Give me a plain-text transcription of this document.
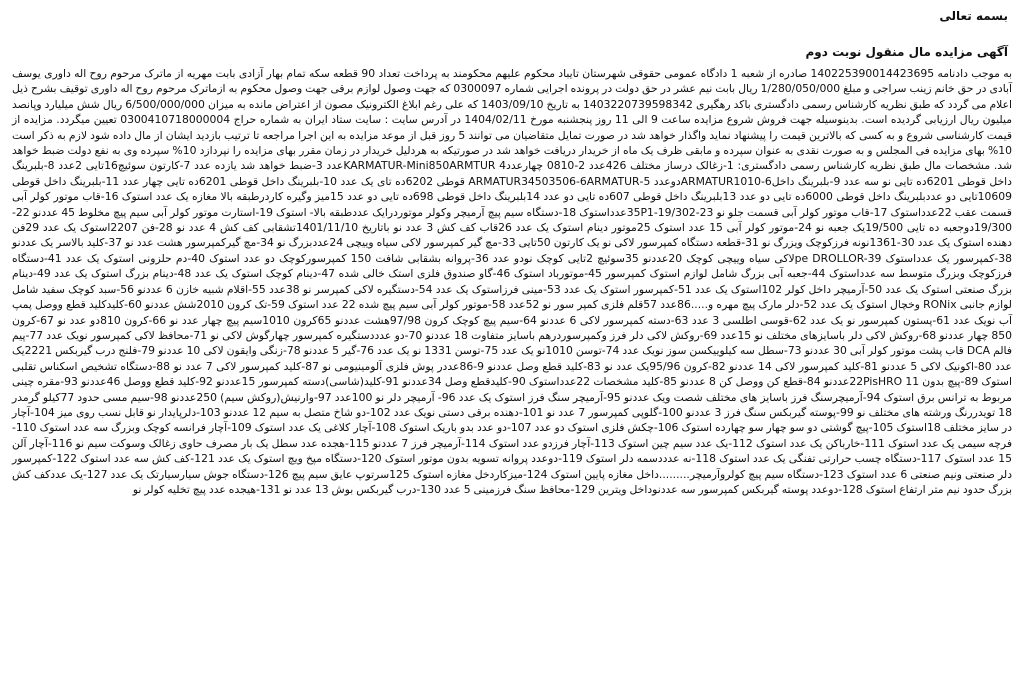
بسمه تعالی
آگهی مزایده مال منقول نوبت دوم

به موجب دادنامه 140225390014423695 صادره از شعبه 1 دادگاه عمومی حقوقی شهرستان تایباد محکوم علیهم محکومند به پرداخت تعداد 90 قطعه سکه تمام بهار آزادی بابت مهریه از ماترک مرحوم روح اله داوری یوسف آبادی در حق خانم زینب سراجی و مبلغ 1/280/050/000 ریال بابت نیم عشر در حق دولت در پرونده اجرایی شماره 0300097 که جهت وصول لوازم برقی جهت وصول محکوم به ازماترک مرحوم روح اله داوری توقیف بشرح ذیل اعلام می گردد که طبق نظریه کارشناس رسمی دادگستری باکد رهگیری 1403220739598342 به تاریخ 1403/09/10 که علی رغم ابلاغ الکترونیک مصون از اعتراض مانده به میزان 6/500/000/000 ریال شش میلیارد وپانصد میلیون ریال ارزیابی گردیده است. بدینوسیله جهت فروش شروع مزایده ساعت 9 الی 11 روز پنجشنبه مورخ 1404/02/11 در آدرس سایت : سایت ستاد ایران به شماره حراج 0300410718000004 تعیین میگردد. مزایده از قیمت کارشناسی شروع و به کسی که بالاترین قیمت را پیشنهاد نماید واگذار خواهد شد در صورت تمایل متقاضیان می توانند 5 روز قبل از موعد مزایده به این اجرا مراجعه تا ترتیب بازدید ایشان از مال داده شود لازم به ذکر است 10% بهای مزایده فی المجلس و به صورت نقدی به عنوان سپرده و مابقی ظرف یک ماه از خریدار دریافت خواهد شد در صورتیکه به هردلیل خریدار در زمان مقرر بهای مزایده را نپردازد 10% سپرده وی به نفع دولت ضبط خواهد شد. مشخصات مال طبق نظریه کارشناس رسمی دادگستری: 1-زغالک درساز مختلف 426عدد 2-0810 چهارعددKARMATUR-Mini850ARMTUR 4عدد 3-ضبط خواهد شد یازده عدد 7-کارتون سوئیچ16تایی 2عدد 8-بلبرینگ داخل قوطی 6201ده تایی نو سه عدد 9-بلبرینگ داخلARMATUR1010-6دوعدد 5-ARMATUR34503506-6ARMATUR قوطی 6202ده تای یک عدد 10-بلبرینگ داخل قوطی 6201ده تایی چهار عدد 11-بلبرینگ داخل قوطی 10609تایی دو عددبلبرینگ داخل قوطی 6000ده تایی دو عدد 13بلبرینگ داخل قوطی 607ده تایی دو عدد 14بلبرینگ داخل قوطی 698ده تایی دو عدد 15میز وگیره کاردرطبقه بالا مغازه یک عدد استوک 16-قاب موتور کولر آبی قسمت عقب 22عدداستوک 17-قاب موتور کولر آبی قسمت جلو نو 23-35P1-19/302عدداستوک 18-دستگاه سیم پیچ آرمیچر وکولر موتوردرایک عددطبقه بالا- استوک 19-استارت موتور کولر آبی سیم پیچ مخلوط 45 عددنو 22-19/300دوجعبه ده تایی 19/500یک جعبه نو 24-موتور کولر آبی 15 عدد استوک 25موتور دینام استوک یک عدد 26قاب کف کش 3 عدد نو باتاریخ 1401/11/10تشقابی کف کش 4 عدد نو 28-فن 2207استوک یک عدد 29فن دهنده استوک یک عدد 30-1361نونه فرزکوچک ویزرگ نو 31-قطعه دستگاه کمپرسور لاکی نو یک کارتون 50تایی 33-مچ گیر کمپرسور لاکی سیاه وییچی 24عددبزرگ نو 34-مچ گیرکمپرسور هشت عدد نو 37-کلید بالاسر یک عددنو 38-کمپرسور یک عدداستوک pe DROLLOR-39لاکی سیاه وییچی کوچک 20عددنو 35سوئیچ 2تایی کوچک نودو عدد 36-پروانه بشقابی شافت 150 کمپرسورکوچک دو عدد استوک 40-دم حلزونی استوک یک عدد 41-دستگاه فرزکوچک وبزرگ متوسط سه عدداستوک 44-جعبه آبی بزرگ شامل لوازم استوک کمپرسور 45-موتورباد استوک 46-گاو صندوق فلزی استک خالی شده 47-دینام کوچک استوک یک عدد 48-دینام بزرگ استوک یک عدد 49-دینام بزرگ صنعتی استوک یک عدد 50-آرمیچر داخل کولر 102استوک یک عدد 51-کمپرسور استوک یک عدد 53-مینی فرزاستوک یک عدد 54-دستگیره لاکی کمپرسر نو 38عدد 55-اقلام شبیه خازن 6 عددنو 56-سبد کوچک سفید شامل لوازم جانبی RONix وخچال استوک یک عدد 52-دلر مارک پیچ مهره و.....86عدد 57قلم فلزی کمپر سور نو 52عدد 58-موتور کولر آبی سیم پیچ شده 22 عدد استوک 59-تک کرون 2010شش عددنو 60-کلیدکلید قطع ووصل پمپ آب نویک عدد 61-پستون کمپرسور نو یک عدد 62-قوسی اطلسی 3 عدد 63-دسته کمپرسور لاکی 6 عددنو 64-سیم پیچ کوچک کرون 97/98هشت عددنو 65کرون 1010سیم پیچ چهار عدد نو 66-کرون 810دو عدد نو 67-کرون 850 چهار عددنو 68-روکش لاکی دلر باسایزهای مختلف نو 15عدد 69-روکش لاکی دلر فرز وکمپرسوردرهم باسایز متفاوت 18 عددنو 70-دو عدددستگیره کمپرسور چهارگوش لاکی نو 71-محافظ لاکی کمپرسور نویک عدد 77-پیم فالم DCA قاب پشت موتور کولر آبی 30 عددنو 73-سطل سه کیلوییکسن سوز نویک عدد 74-توسن 1010نو یک عدد 75-توسن 1331 نو یک عدد 76-گیر 5 عددنو 78-زنگی وایقون لاکی 10 عددنو 79-فلنج درب گیربکس 2221یک عدد 80-اکونیک لاکی 5 عددنو 81-کلید کمپرسور لاکی 14 عددنو 82-کرون 95/96یک عدد نو 83-کلید قطع وصل عددنو 9-86عددر پوش فلزی آلومینیومی نو 87-کلید کمپرسور لاکی 7 عدد نو 88-دستگاه تشخیص اسکناس تقلبی استوک 89-پیچ بدون 22PisHRO 11عددنو 84-قطع کن ووصل کن 8 عددنو 85-کلید مشخصات 22عدداستوک 90-کلیدقطع وصل 34عددنو 91-کلید(شاسی)دسته کمپرسور 15عددنو 92-کلید قطع ووصل 46عددنو 93-مقره چینی مربوط به ترانس برق استوک 94-آرمیچرسنگ فرز باسایز های مختلف شصت ویک عددنو 95-آرمیچر سنگ فرز استوک یک عدد 96- آرمیچر دلر نو 100عدد 97-وارنیش(روکش سیم) 250عددنو 98-سیم مسی حدود 77کیلو گرمدر 18 تویدررنگ ورشته های مختلف نو 99-پوسته گیربکس سنگ فرز 3 عددنو 100-گلوپی کمپرسور 7 عدد نو 101-دهنده برقی دستی نویک عدد 102-دو شاخ متصل به سیم 12 عددنو 103-دلرپایدار نو قابل نسب روی میز 104-آچار در سایز مختلف 18استوک 105-پیچ گوشتی دو سو چهار سو چهارده استوک 106-چکش فلزی استوک دو عدد 107-دو عدد بدو باریک استوک 108-آچار کلاغی یک عدد استوک 109-آچار فرانسه کوچک وبزرگ سه عدد استوک 110-فرچه سیمی یک عدد استوک 111-خارباکن یک عدد استوک 112-یک عدد سیم چین استوک 113-آچار فرزدو عدد استوک 114-آرمیچر فرز 7 عددنو 115-هجده عدد سطل یک بار مصرف حاوی زغالک وسوکت سیم نو 116-آچار آلن 15 عدد استوک 117-دستگاه چسب حرارتی تفنگی یک عدد استوک 118-نه عدددسمه دلر استوک 119-دوعدد پروانه تسویه بدون موتور استوک 120-دستگاه مپخ ویچ استوک یک عدد 121-کف کش سه عدد استوک 122-کمپرسور دلر صنعتی ونیم صنعتی 6 عدد استوک 123-دستگاه سیم پیچ کولروآرمیچر.........داخل مغازه پایین استوک 124-میزکاردخل مغازه استوک 125سرتوپ عایق سیم پیچ 126-دستگاه جوش سیارسیارتک یک عدد 127-یک عددکف کش بزرگ حدود نیم متر ارتفاع استوک 128-دوعدد پوسته گیربکس کمپرسور سه عددنوداخل ویترین 129-محافظ سنگ فرزمینی 5 عدد 130-درب گیربکس بوش 13 عدد نو 131-هیجده عدد پیچ تخلیه کولر نو
